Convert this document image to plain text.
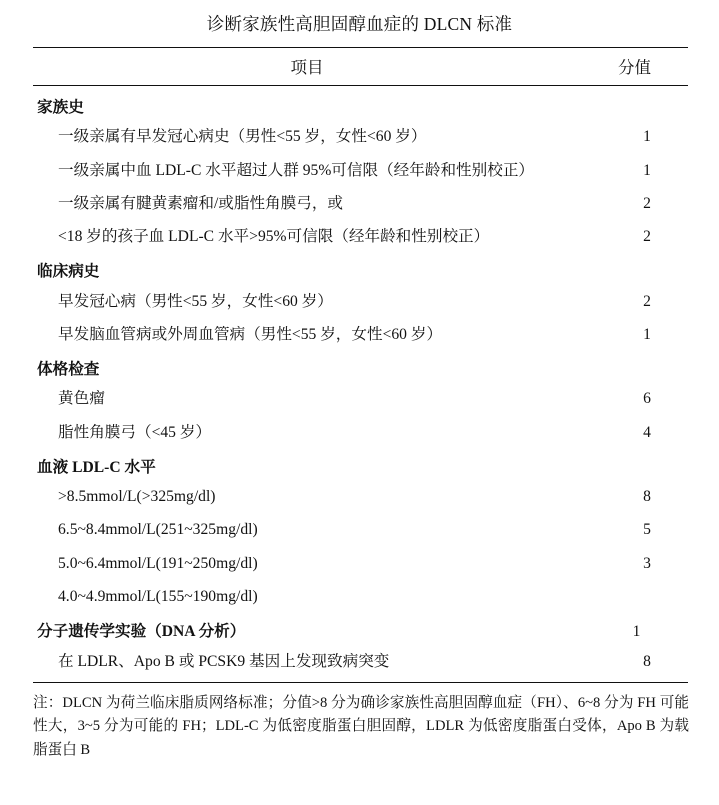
诊断家族性高胆固醇血症的 DLCN 标准
项目	分值
家族史
一级亲属有早发冠心病史（男性<55 岁，女性<60 岁）	1
一级亲属中血 LDL-C 水平超过人群 95%可信限（经年龄和性别校正）	1
一级亲属有腱黄素瘤和/或脂性角膜弓，或	2
<18 岁的孩子血 LDL-C 水平>95%可信限（经年龄和性别校正）	2
临床病史
早发冠心病（男性<55 岁，女性<60 岁）	2
早发脑血管病或外周血管病（男性<55 岁，女性<60 岁）	1
体格检查
黄色瘤	6
脂性角膜弓（<45 岁）	4
血液 LDL-C 水平
>8.5mmol/L(>325mg/dl)	8
6.5~8.4mmol/L(251~325mg/dl)	5
5.0~6.4mmol/L(191~250mg/dl)	3
4.0~4.9mmol/L(155~190mg/dl)
分子遗传学实验（DNA 分析）	1
在 LDLR、Apo B 或 PCSK9 基因上发现致病突变	8

注：DLCN 为荷兰临床脂质网络标准；分值>8 分为确诊家族性高胆固醇血症（FH）、6~8 分为 FH 可能性大，3~5 分为可能的 FH；LDL-C 为低密度脂蛋白胆固醇，LDLR 为低密度脂蛋白受体，Apo B 为载脂蛋白 B
